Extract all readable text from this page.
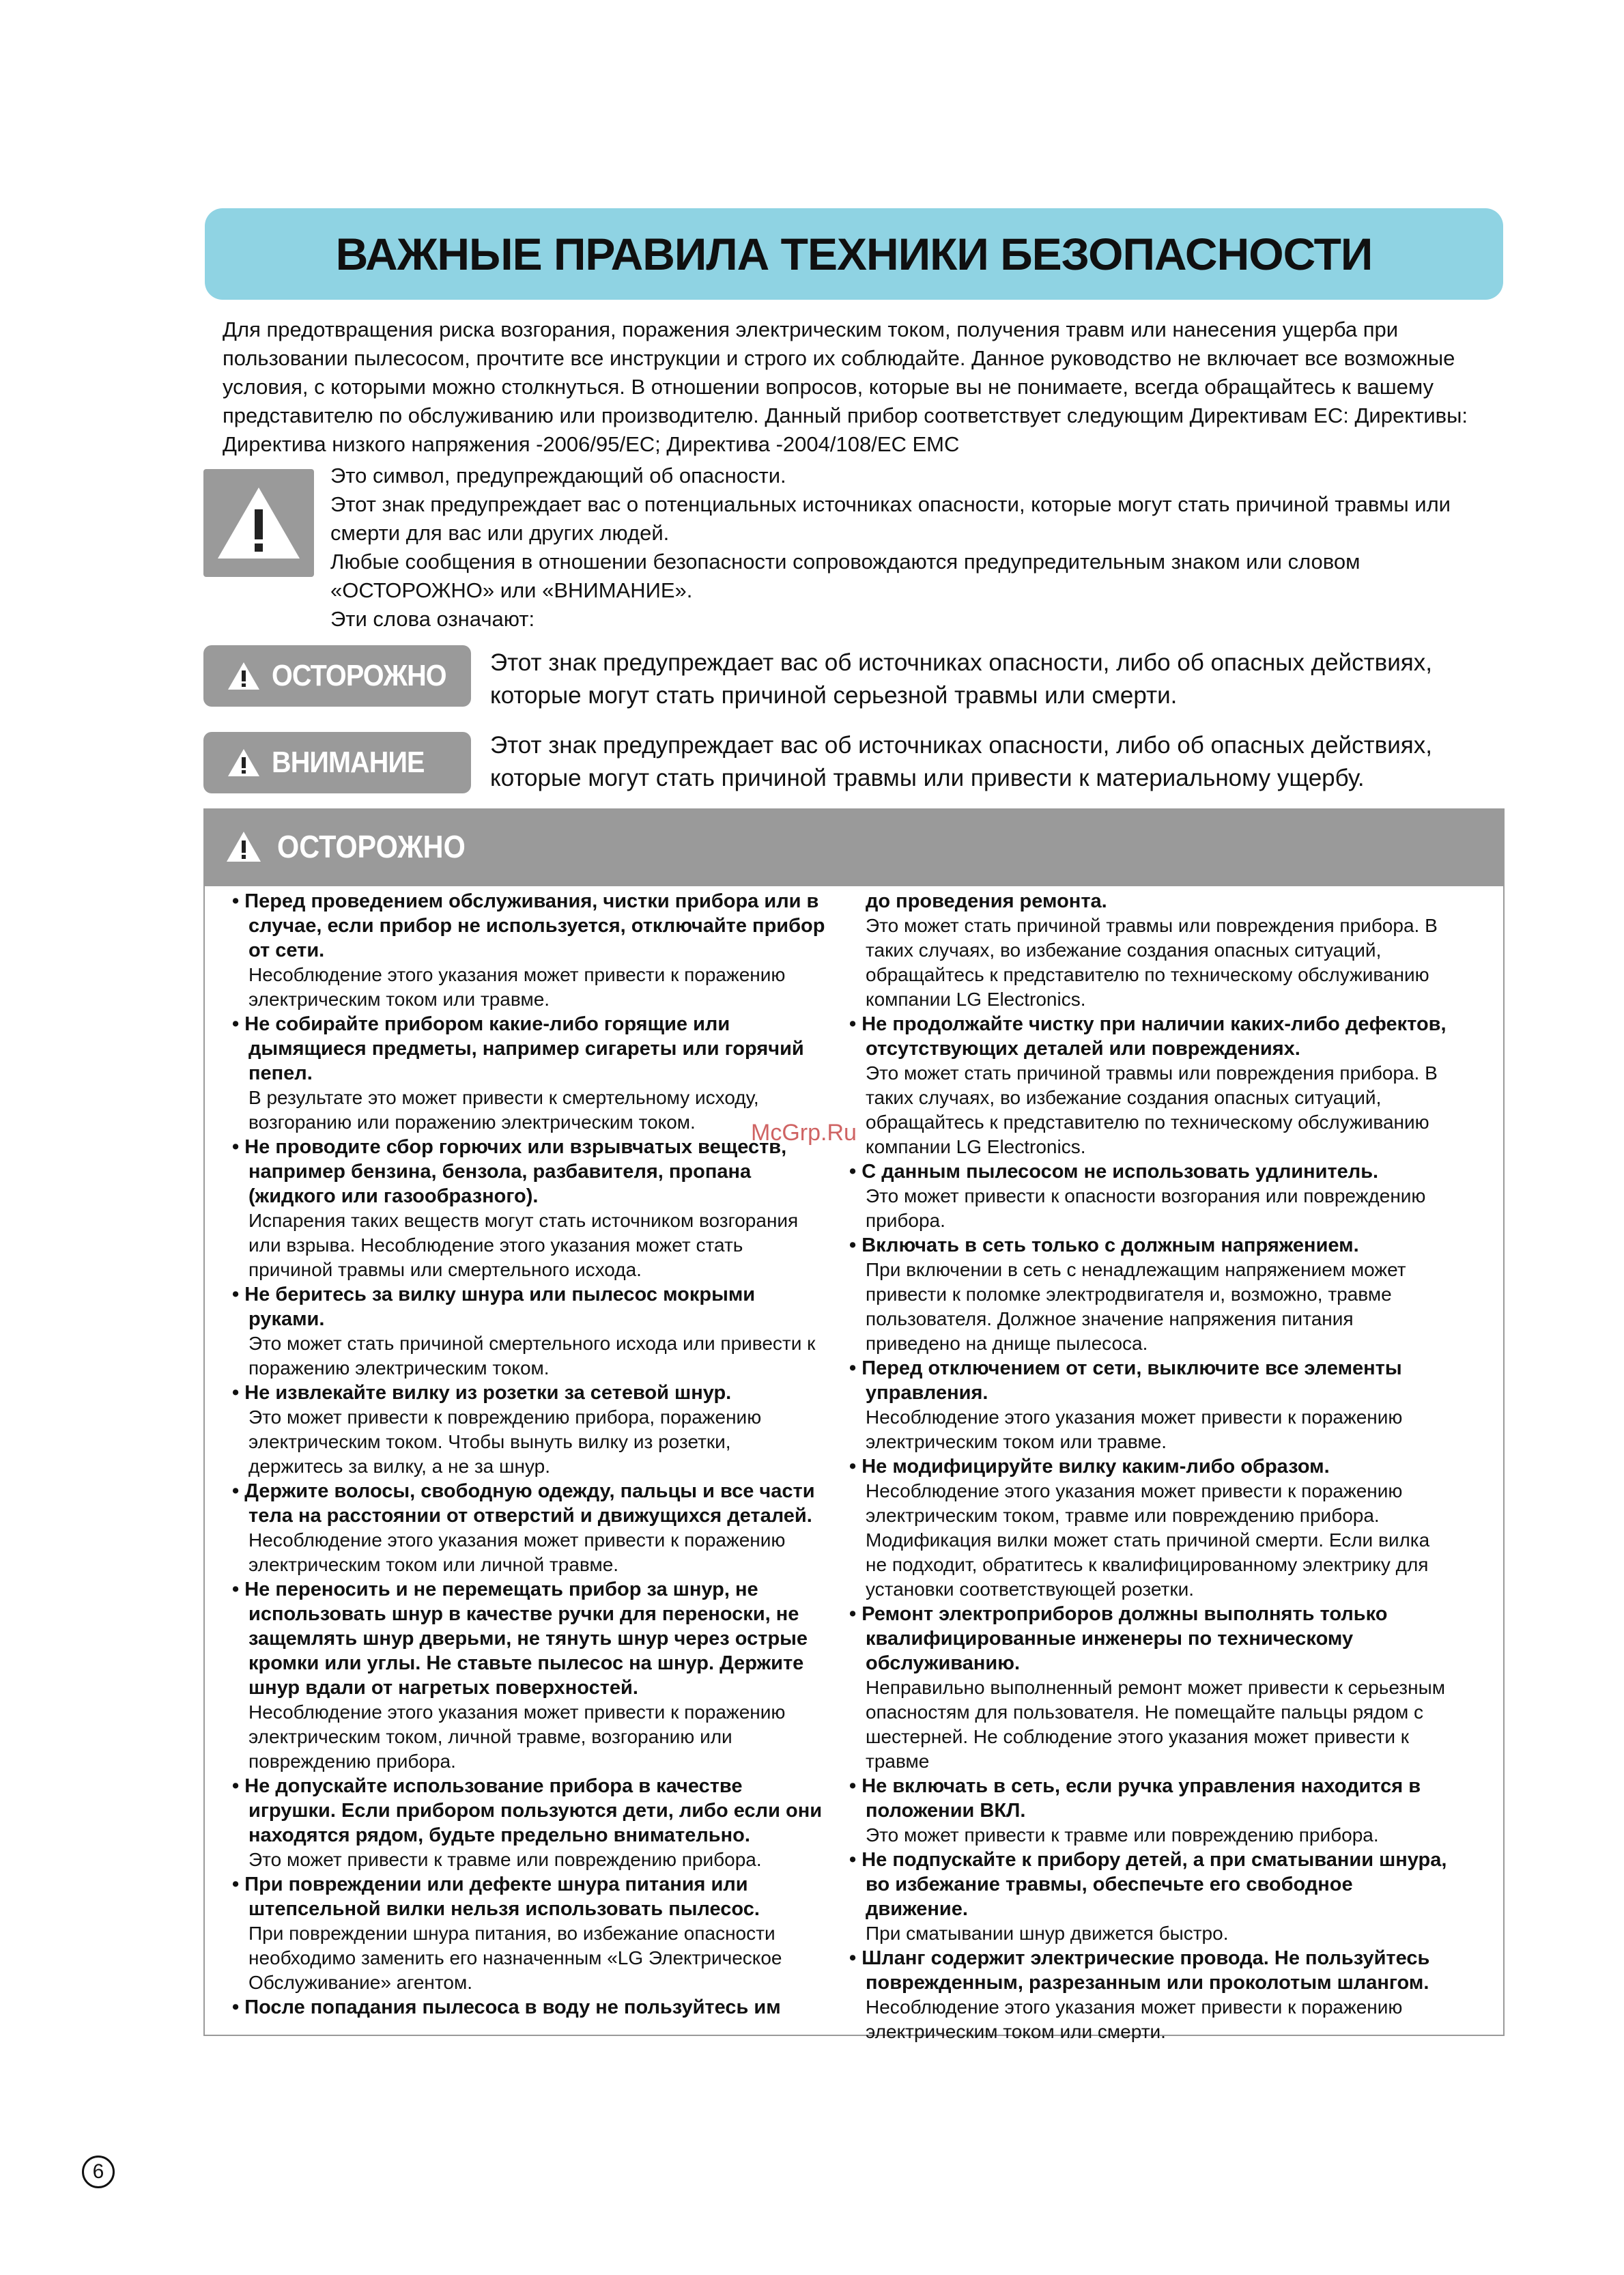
ВАЖНЫЕ ПРАВИЛА ТЕХНИКИ БЕЗОПАСНОСТИ

Для предотвращения риска возгорания, поражения электрическим током, получения травм или нанесения ущерба при пользовании пылесосом, прочтите все инструкции и строго их соблюдайте. Данное руководство не включает все возможные условия, с которыми можно столкнуться. В отношении вопросов, которые вы не понимаете, всегда обращайтесь к вашему представителю по обслуживанию или производителю. Данный прибор соответствует следующим Директивам ЕС: Директивы: Директива низкого напряжения -2006/95/EC; Директива -2004/108/EC EMC

Это символ, предупреждающий об опасности.

Этот знак предупреждает вас о потенциальных источниках опасности, которые могут стать причиной травмы или смерти для вас или других людей.

Любые сообщения в отношении безопасности сопровождаются предупредительным знаком или словом «ОСТОРОЖНО» или «ВНИМАНИЕ».

Эти слова означают:

ОСТОРОЖНО Этот знак предупреждает вас об источниках опасности, либо об опасных действиях, которые могут стать причиной серьезной травмы или смерти.

ВНИМАНИЕ

Этот знак предупреждает вас об источниках опасности, либо об опасных действиях, которые могут стать причиной травмы или привести к материальному ущербу.

ОСТОРОЖНО

• Перед проведением обслуживания, чистки прибора или в случае, если прибор не используется, отключайте прибор от сети.

Несоблюдение этого указания может привести к поражению электрическим током или травме.

• Не собирайте прибором какие-либо горящие или дымящиеся предметы, например сигареты или горячий пепел.

В результате это может привести к смертельному исходу, возгоранию или поражению электрическим током.

• Не проводите сбор горючих или взрывчатых веществ, например бензина, бензола, разбавителя, пропана (жидкого или газообразного).

Испарения таких веществ могут стать источником возгорания или взрыва. Несоблюдение этого указания может стать причиной травмы или смертельного исхода.

• Не беритесь за вилку шнура или пылесос мокрыми руками.

Это может стать причиной смертельного исхода или привести к поражению электрическим током.

• Не извлекайте вилку из розетки за сетевой шнур.

Это может привести к повреждению прибора, поражению электрическим током. Чтобы вынуть вилку из розетки, держитесь за вилку, а не за шнур.

• Держите волосы, свободную одежду, пальцы и все части тела на расстоянии от отверстий и движущихся деталей.

Несоблюдение этого указания может привести к поражению электрическим током или личной травме.

• Не переносить и не перемещать прибор за шнур, не использовать шнур в качестве ручки для переноски, не защемлять шнур дверьми, не тянуть шнур через острые кромки или углы. Не ставьте пылесос на шнур. Держите шнур вдали от нагретых поверхностей.

Несоблюдение этого указания может привести к поражению электрическим током, личной травме, возгоранию или повреждению прибора.

• Не допускайте использование прибора в качестве игрушки. Если прибором пользуются дети, либо если они находятся рядом, будьте предельно внимательно.

Это может привести к травме или повреждению прибора.

• При повреждении или дефекте шнура питания или штепсельной вилки нельзя использовать пылесос.

При повреждении шнура питания, во избежание опасности необходимо заменить его назначенным «LG Электрическое Обслуживание» агентом.

• После попадания пылесоса в воду не пользуйтесь им

до проведения ремонта.

Это может стать причиной травмы или повреждения прибора. В таких случаях, во избежание создания опасных ситуаций, обращайтесь к представителю по техническому обслуживанию компании LG Electronics.

• Не продолжайте чистку при наличии каких-либо дефектов, отсутствующих деталей или повреждениях.

Это может стать причиной травмы или повреждения прибора. В таких случаях, во избежание создания опасных ситуаций, обращайтесь к представителю по техническому обслуживанию компании LG Electronics.

• С данным пылесосом не использовать удлинитель.

Это может привести к опасности возгорания или повреждению прибора.

• Включать в сеть только с должным напряжением.

При включении в сеть с ненадлежащим напряжением может привести к поломке электродвигателя и, возможно, травме пользователя. Должное значение напряжения питания приведено на днище пылесоса.

• Перед отключением от сети, выключите все элементы управления.

Несоблюдение этого указания может привести к поражению электрическим током или травме.

• Не модифицируйте вилку каким-либо образом.

Несоблюдение этого указания может привести к поражению электрическим током, травме или повреждению прибора. Модификация вилки может стать причиной смерти. Если вилка не подходит, обратитесь к квалифицированному электрику для установки соответствующей розетки.

• Ремонт электроприборов должны выполнять только квалифицированные инженеры по техническому обслуживанию.

Неправильно выполненный ремонт может привести к серьезным опасностям для пользователя. Не помещайте пальцы рядом с шестерней. Не соблюдение этого указания может привести к травме

• Не включать в сеть, если ручка управления находится в положении ВКЛ.

Это может привести к травме или повреждению прибора.

• Не подпускайте к прибору детей, а при сматывании шнура, во избежание травмы, обеспечьте его свободное движение.

При сматывании шнур движется быстро.

• Шланг содержит электрические провода. Не пользуйтесь поврежденным, разрезанным или проколотым шлангом.

Несоблюдение этого указания может привести к поражению электрическим током или смерти.

McGrp.Ru
6
